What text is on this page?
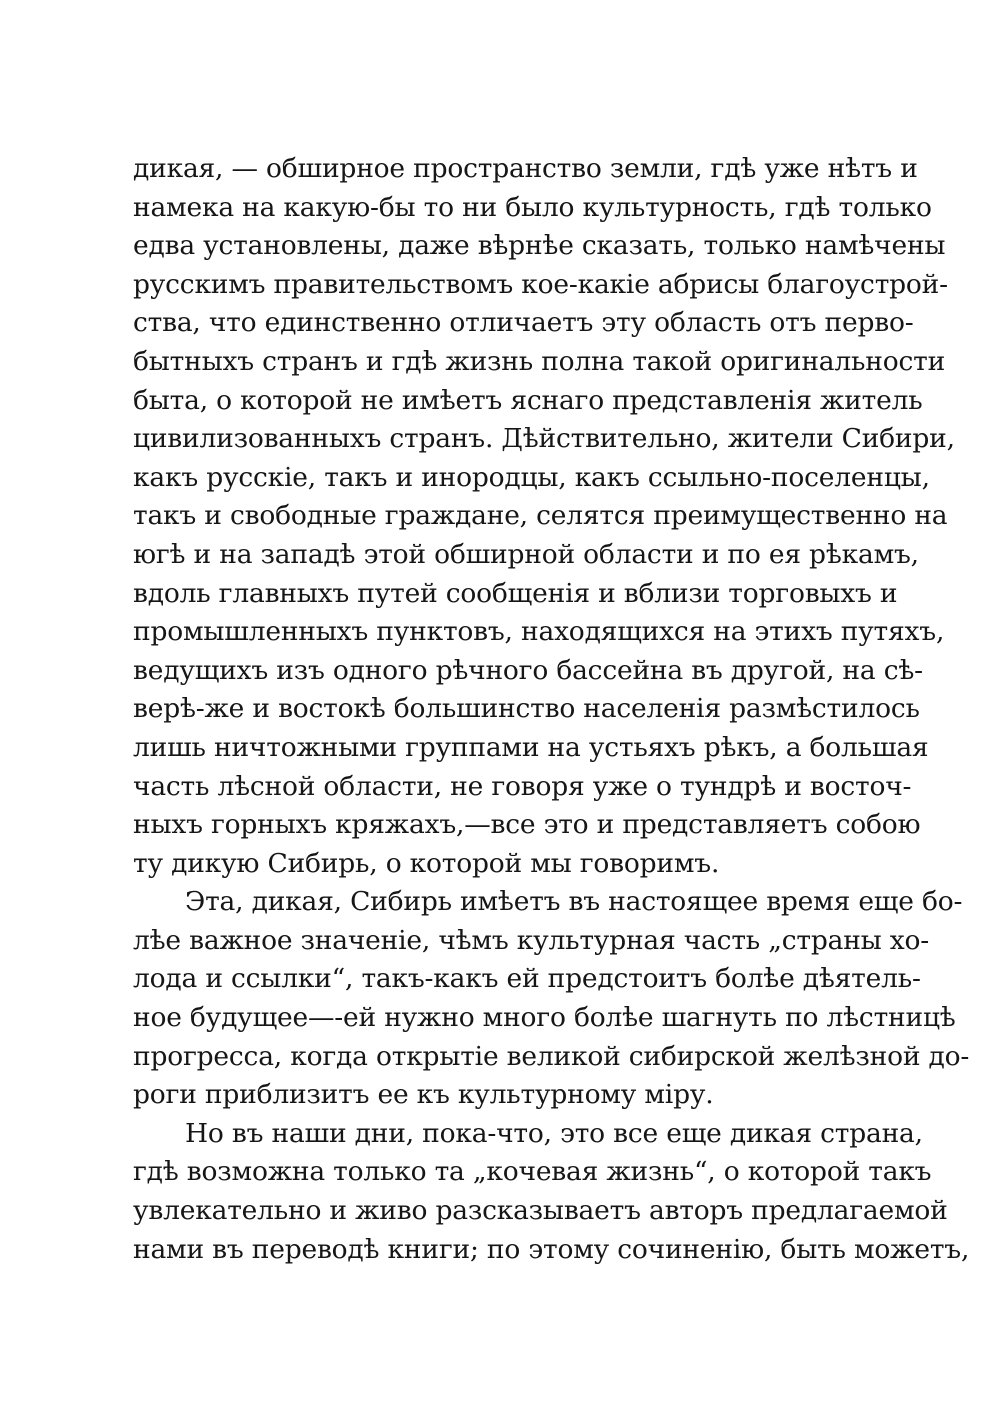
дикая, — обширное пространство земли, гдѣ уже нѣтъ и
намека на какую-бы то ни было культурность, гдѣ только
едва установлены, даже вѣрнѣе сказать, только намѣчены
русскимъ правительствомъ кое-какіе абрисы благоустрой-
ства, что единственно отличаетъ эту область отъ перво-
бытныхъ странъ и гдѣ жизнь полна такой оригинальности
быта, о которой не имѣетъ яснаго представленія житель
цивилизованныхъ странъ. Дѣйствительно, жители Сибири,
какъ русскіе, такъ и инородцы, какъ ссыльно-поселенцы,
такъ и свободные граждане, селятся преимущественно на
югѣ и на западѣ этой обширной области и по ея рѣкамъ,
вдоль главныхъ путей сообщенія и вблизи торговыхъ и
промышленныхъ пунктовъ, находящихся на этихъ путяхъ,
ведущихъ изъ одного рѣчного бассейна въ другой, на сѣ-
верѣ-же и востокѣ большинство населенія размѣстилось
лишь ничтожными группами на устьяхъ рѣкъ, а большая
часть лѣсной области, не говоря уже о тундрѣ и восточ-
ныхъ горныхъ кряжахъ,—все это и представляетъ собою
ту дикую Сибирь, о которой мы говоримъ.
Эта, дикая, Сибирь имѣетъ въ настоящее время еще бо-
лѣе важное значеніе, чѣмъ культурная часть „страны хо-
лода и ссылки“, такъ-какъ ей предстоитъ болѣе дѣятель-
ное будущее—-ей нужно много болѣе шагнуть по лѣстницѣ
прогресса, когда открытіе великой сибирской желѣзной до-
роги приблизитъ ее къ культурному міру.
Но въ наши дни, пока-что, это все еще дикая страна,
гдѣ возможна только та „кочевая жизнь“, о которой такъ
увлекательно и живо разсказываетъ авторъ предлагаемой
нами въ переводѣ книги; по этому сочиненію, быть можетъ,
